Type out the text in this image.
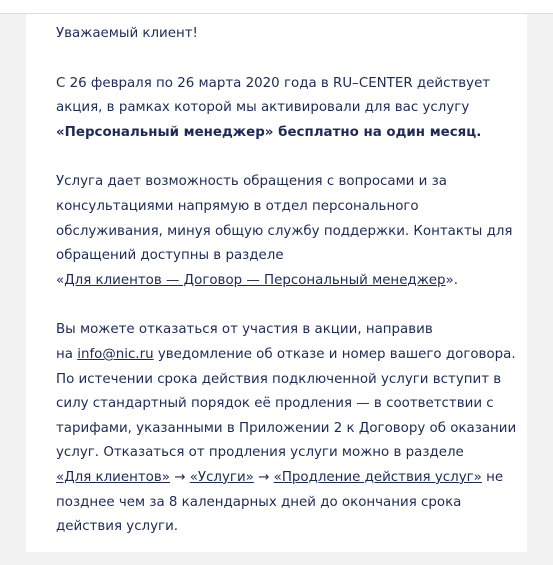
Уважаемый клиент!

С 26 февраля по 26 марта 2020 года в RU–CENTER действует акция, в рамках которой мы активировали для вас услугу «Персональный менеджер» бесплатно на один месяц.

Услуга дает возможность обращения с вопросами и за консультациями напрямую в отдел персонального обслуживания, минуя общую службу поддержки. Контакты для обращений доступны в разделе
«Для клиентов — Договор — Персональный менеджер».

Вы можете отказаться от участия в акции, направив
на info@nic.ru уведомление об отказе и номер вашего договора. По истечении срока действия подключенной услуги вступит в силу стандартный порядок её продления — в соответствии с тарифами, указанными в Приложении 2 к Договору об оказании услуг. Отказаться от продления услуги можно в разделе
«Для клиентов» → «Услуги» → «Продление действия услуг» не позднее чем за 8 календарных дней до окончания срока действия услуги.
